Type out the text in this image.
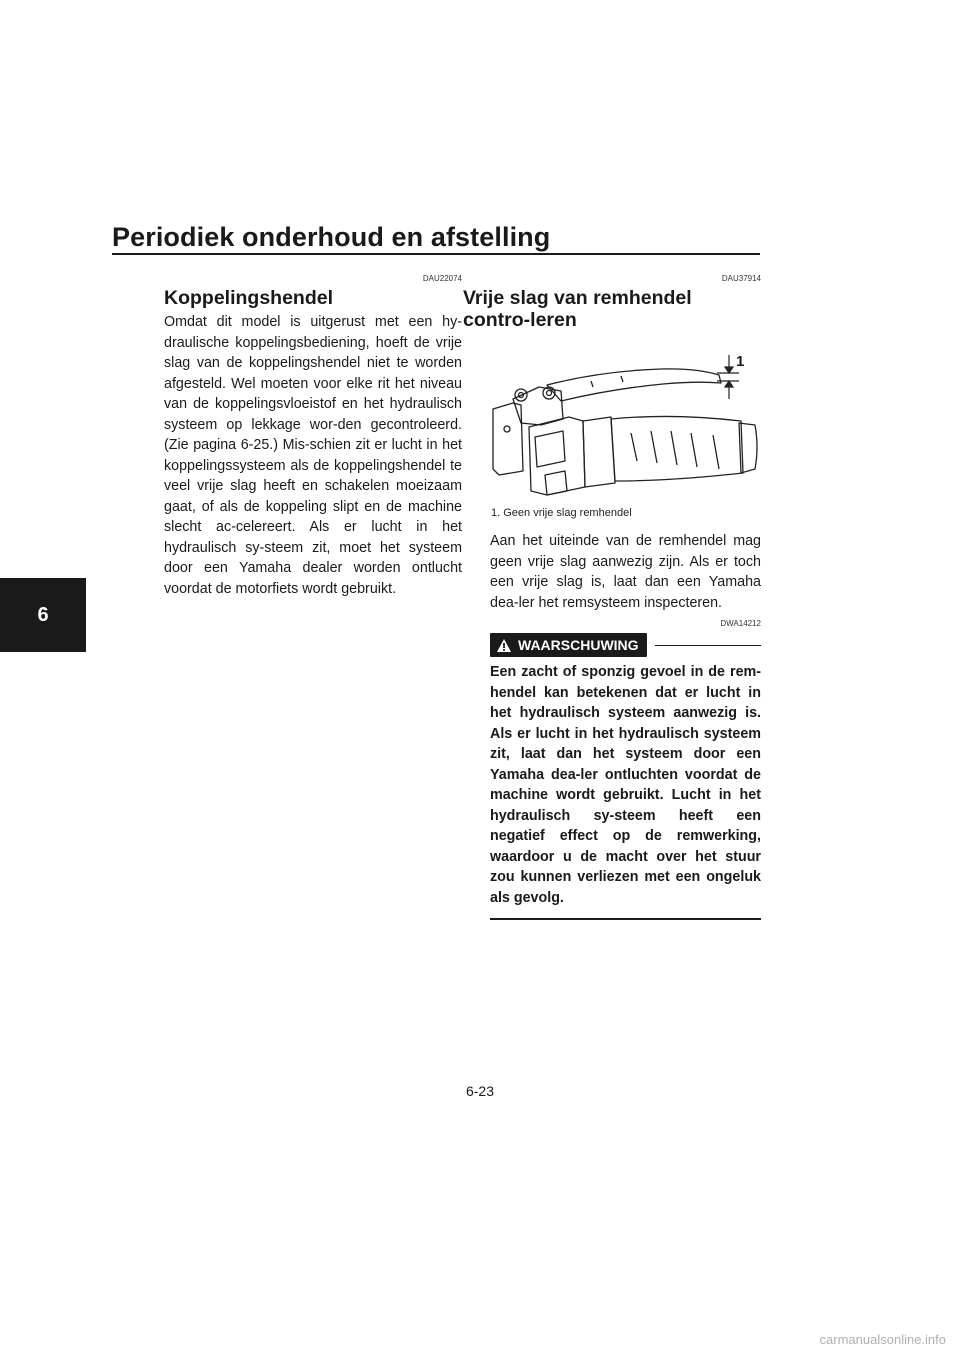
Periodiek onderhoud en afstelling
6
DAU22074
Koppelingshendel
Omdat dit model is uitgerust met een hy-draulische koppelingsbediening, hoeft de vrije slag van de koppelingshendel niet te worden afgesteld. Wel moeten voor elke rit het niveau van de koppelingsvloeistof en het hydraulisch systeem op lekkage wor-den gecontroleerd. (Zie pagina 6-25.) Mis-schien zit er lucht in het koppelingssysteem als de koppelingshendel te veel vrije slag heeft en schakelen moeizaam gaat, of als de koppeling slipt en de machine slecht ac-celereert. Als er lucht in het hydraulisch sy-steem zit, moet het systeem door een Yamaha dealer worden ontlucht voordat de motorfiets wordt gebruikt.
DAU37914
Vrije slag van remhendel contro-leren
1
1. Geen vrije slag remhendel
Aan het uiteinde van de remhendel mag geen vrije slag aanwezig zijn. Als er toch een vrije slag is, laat dan een Yamaha dea-ler het remsysteem inspecteren.
DWA14212
WAARSCHUWING
Een zacht of sponzig gevoel in de rem-hendel kan betekenen dat er lucht in het hydraulisch systeem aanwezig is. Als er lucht in het hydraulisch systeem zit, laat dan het systeem door een Yamaha dea-ler ontluchten voordat de machine wordt gebruikt. Lucht in het hydraulisch sy-steem heeft een negatief effect op de remwerking, waardoor u de macht over het stuur zou kunnen verliezen met een ongeluk als gevolg.
6-23
carmanualsonline.info
